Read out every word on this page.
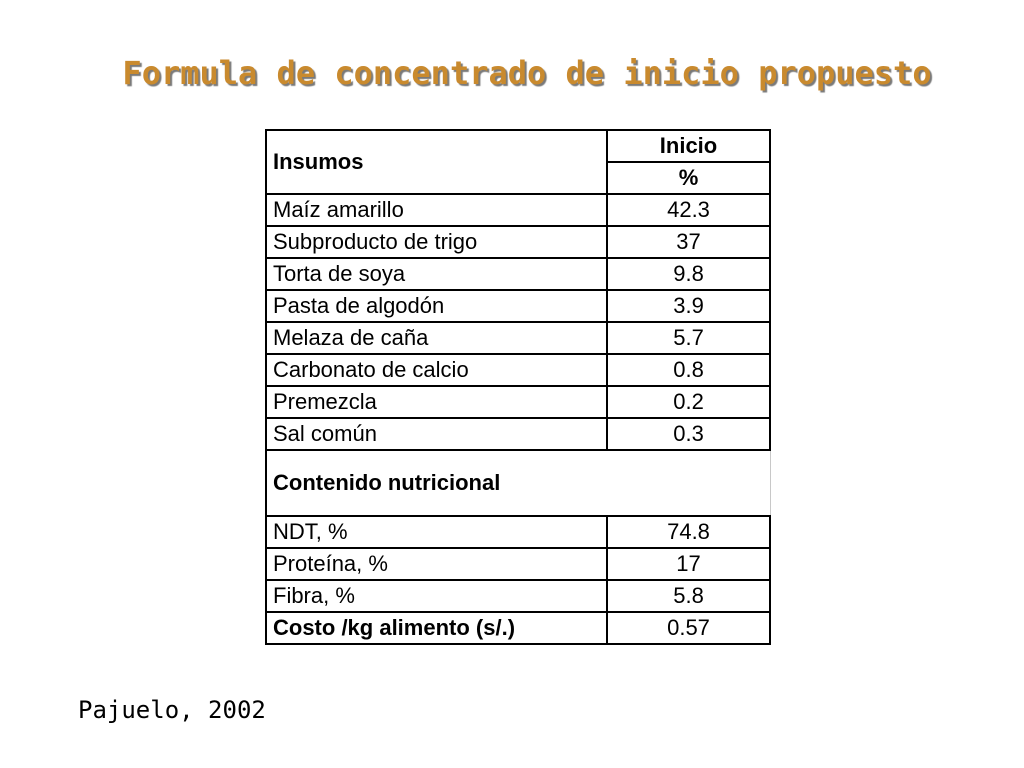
Formula de concentrado de inicio propuesto
Insumos	Inicio
	%
Maíz amarillo	42.3
Subproducto de trigo	37
Torta de soya	9.8
Pasta de algodón	3.9
Melaza de caña	5.7
Carbonato de calcio	0.8
Premezcla	0.2
Sal común	0.3
Contenido nutricional	
NDT, %	74.8
Proteína, %	17
Fibra, %	5.8
Costo /kg alimento (s/.)	0.57
Pajuelo, 2002
